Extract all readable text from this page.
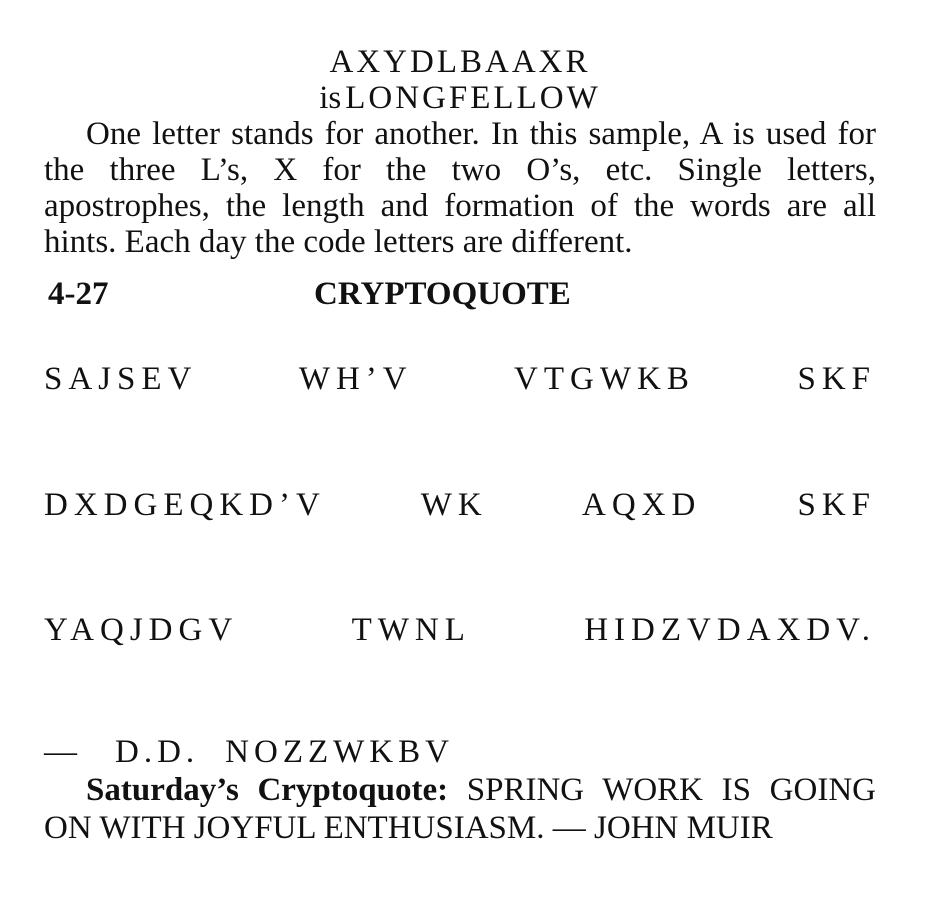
AXYDLBAAXR
is LONGFELLOW

One letter stands for another. In this sample, A is used for the three L’s, X for the two O’s, etc. Single letters, apostrophes, the length and formation of the words are all hints. Each day the code letters are different.

4-27	CRYPTOQUOTE
SAJSEV	WH’V	VTGWKB	SKF
DXDGEQKD’V	WK	AQXD	SKF
YAQJDGV	TWNL	HIDZVDAXDV.
— D.D. NOZZWKBV

Saturday’s Cryptoquote: SPRING WORK IS GOING ON WITH JOYFUL ENTHUSIASM. — JOHN MUIR
